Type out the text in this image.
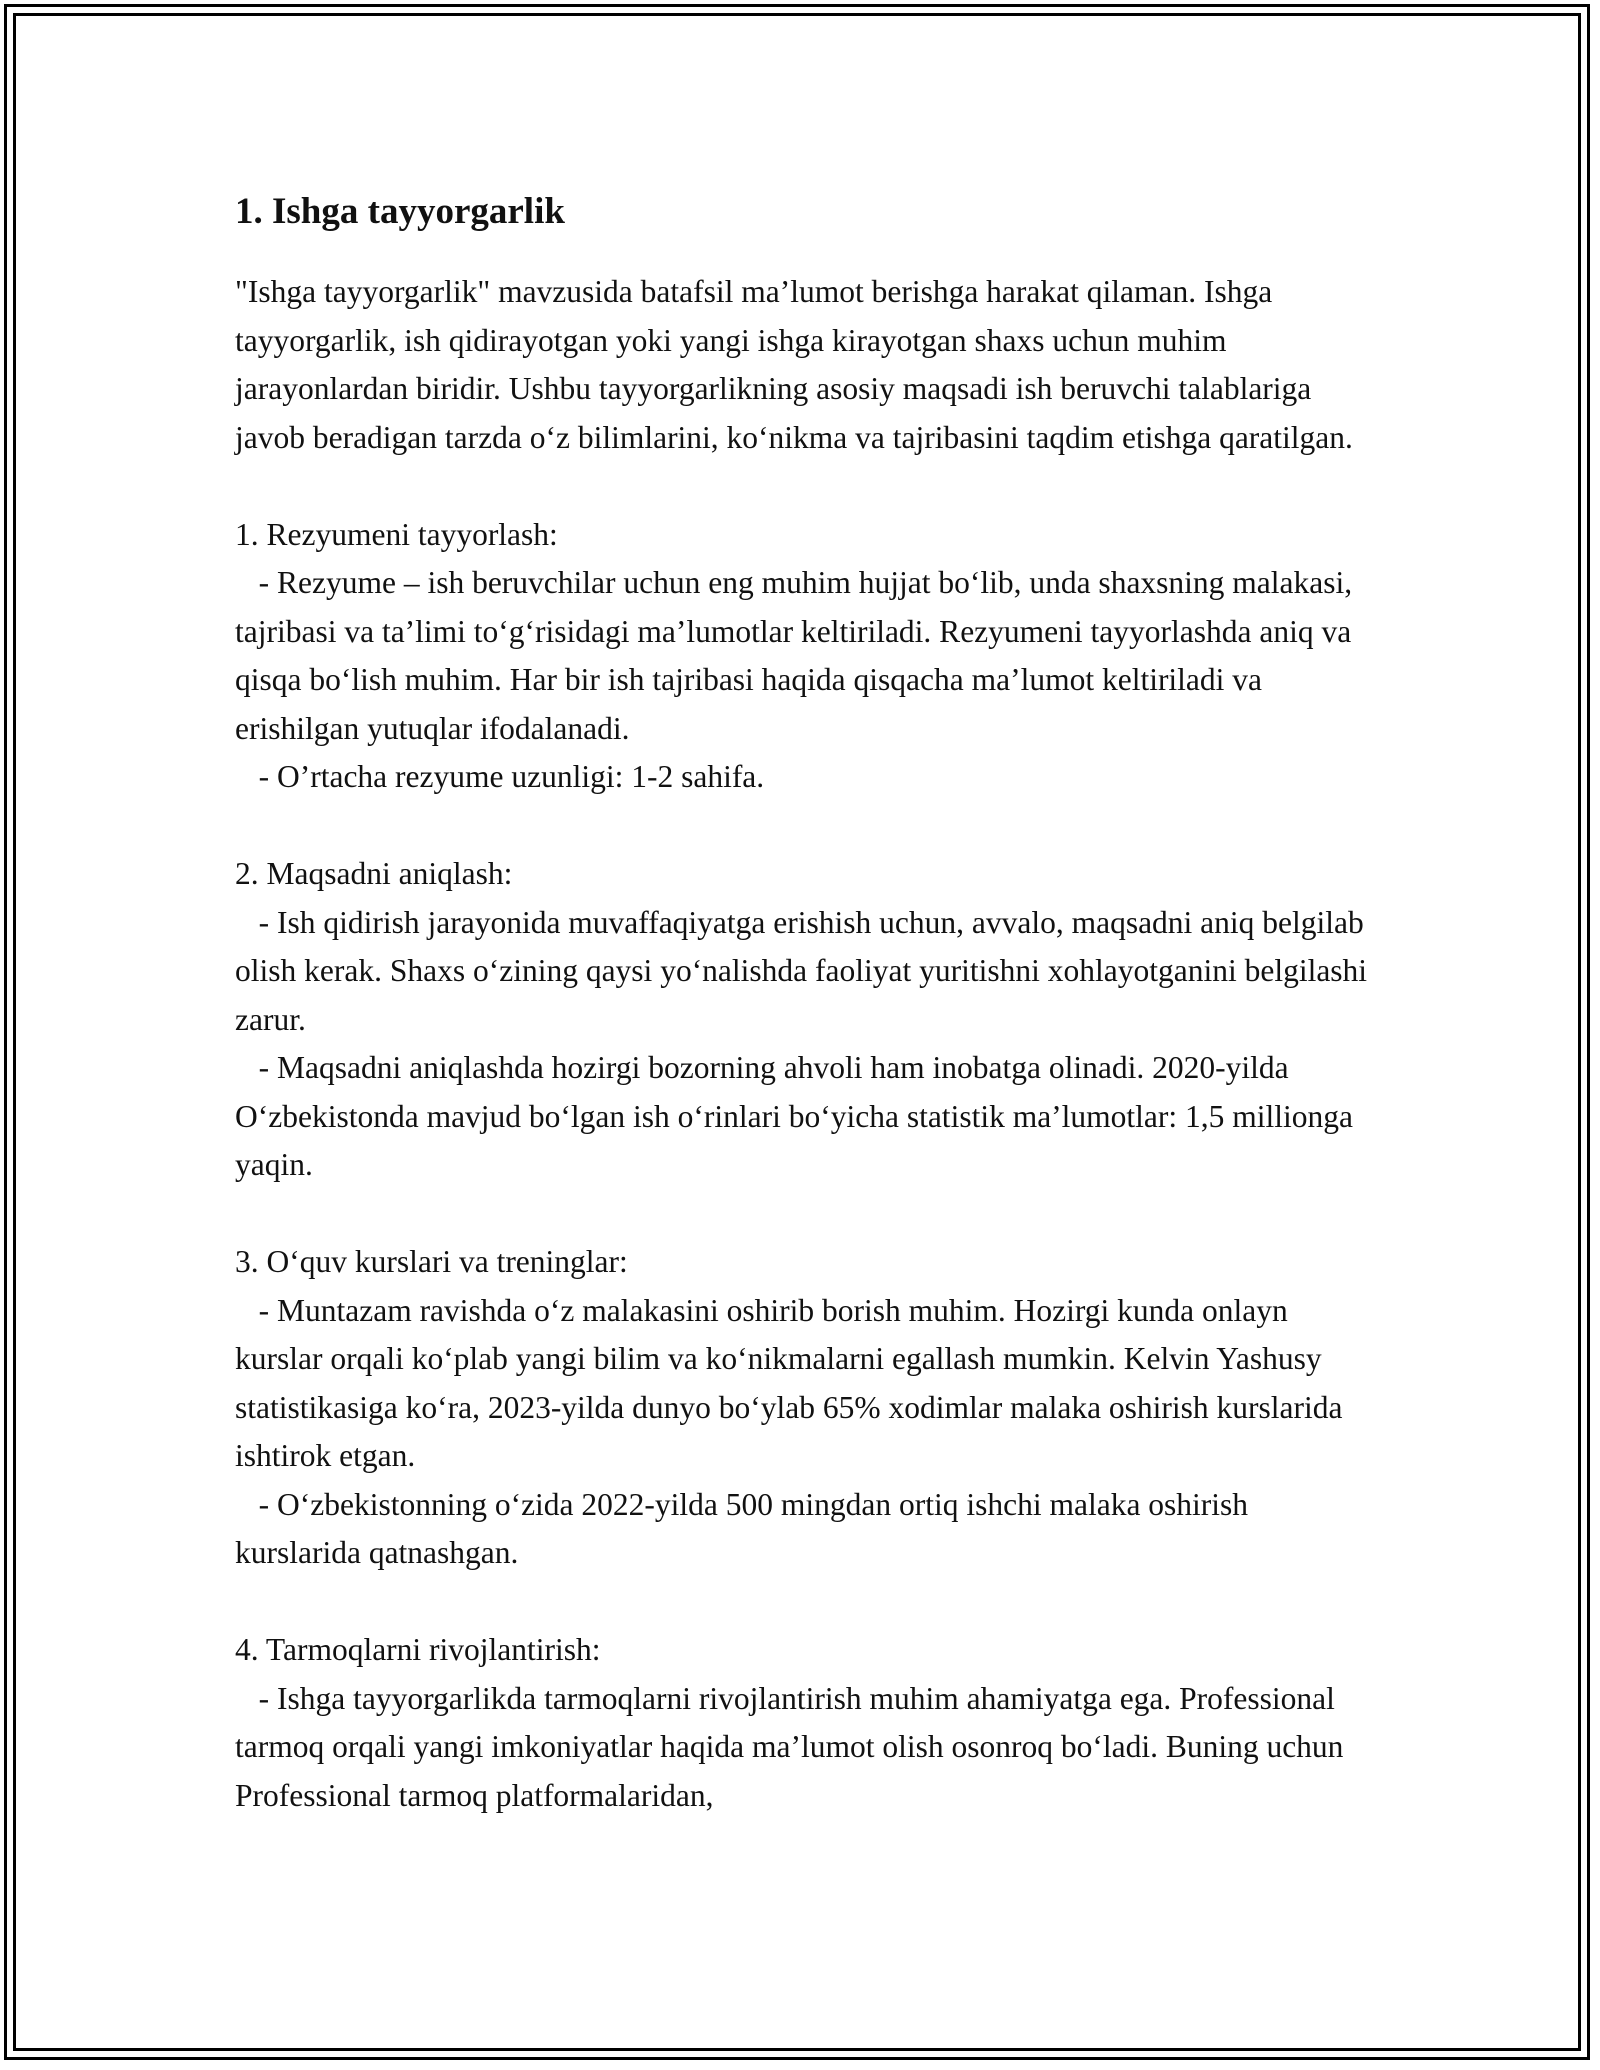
1. Ishga tayyorgarlik

"Ishga tayyorgarlik" mavzusida batafsil ma’lumot berishga harakat qilaman. Ishga tayyorgarlik, ish qidirayotgan yoki yangi ishga kirayotgan shaxs uchun muhim jarayonlardan biridir. Ushbu tayyorgarlikning asosiy maqsadi ish beruvchi talablariga javob beradigan tarzda o‘z bilimlarini, ko‘nikma va tajribasini taqdim etishga qaratilgan.

1. Rezyumeni tayyorlash:

- Rezyume – ish beruvchilar uchun eng muhim hujjat bo‘lib, unda shaxsning malakasi, tajribasi va ta’limi to‘g‘risidagi ma’lumotlar keltiriladi. Rezyumeni tayyorlashda aniq va qisqa bo‘lish muhim. Har bir ish tajribasi haqida qisqacha ma’lumot keltiriladi va erishilgan yutuqlar ifodalanadi.

- O’rtacha rezyume uzunligi: 1-2 sahifa.

2. Maqsadni aniqlash:

- Ish qidirish jarayonida muvaffaqiyatga erishish uchun, avvalo, maqsadni aniq belgilab olish kerak. Shaxs o‘zining qaysi yo‘nalishda faoliyat yuritishni xohlayotganini belgilashi zarur.

- Maqsadni aniqlashda hozirgi bozorning ahvoli ham inobatga olinadi. 2020-yilda O‘zbekistonda mavjud bo‘lgan ish o‘rinlari bo‘yicha statistik ma’lumotlar: 1,5 millionga yaqin.

3. O‘quv kurslari va treninglar:

- Muntazam ravishda o‘z malakasini oshirib borish muhim. Hozirgi kunda onlayn kurslar orqali ko‘plab yangi bilim va ko‘nikmalarni egallash mumkin. Kelvin Yashusy statistikasiga ko‘ra, 2023-yilda dunyo bo‘ylab 65% xodimlar malaka oshirish kurslarida ishtirok etgan.

- O‘zbekistonning o‘zida 2022-yilda 500 mingdan ortiq ishchi malaka oshirish kurslarida qatnashgan.

4. Tarmoqlarni rivojlantirish:

- Ishga tayyorgarlikda tarmoqlarni rivojlantirish muhim ahamiyatga ega. Professional tarmoq orqali yangi imkoniyatlar haqida ma’lumot olish osonroq bo‘ladi. Buning uchun Professional tarmoq platformalaridan,
